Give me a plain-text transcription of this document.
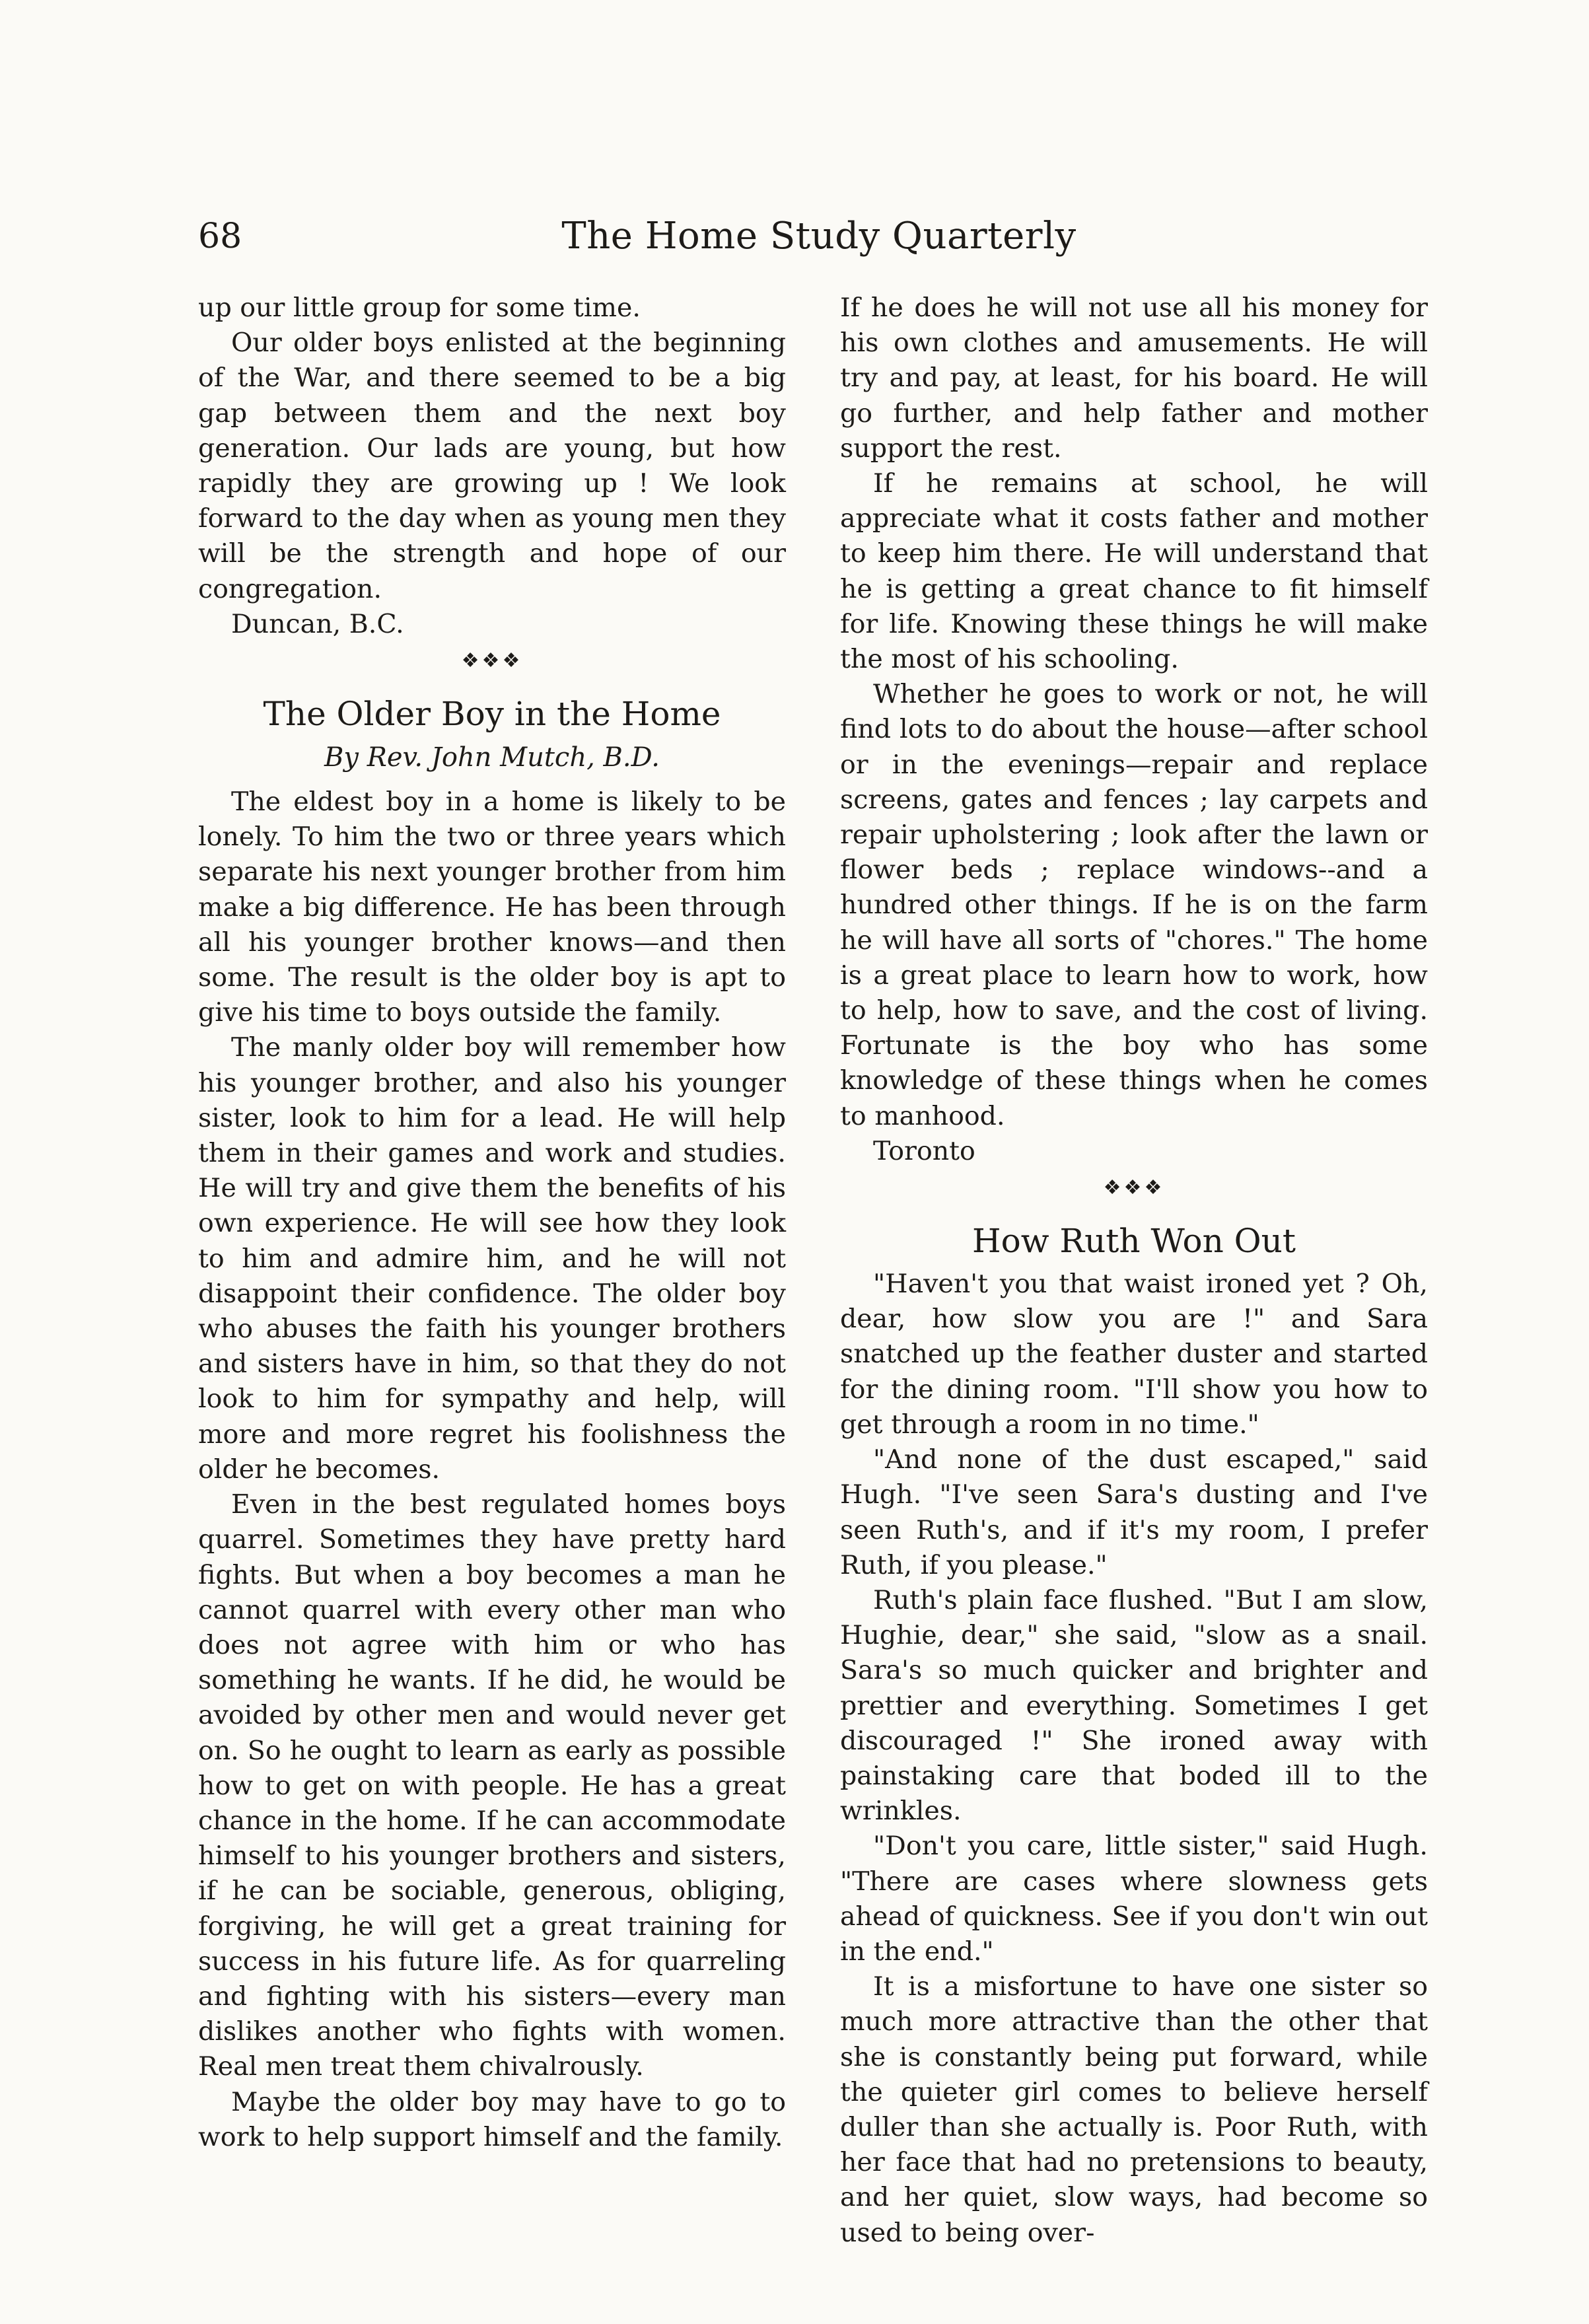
68	The Home Study Quarterly

up our little group for some time.

Our older boys enlisted at the beginning of the War, and there seemed to be a big gap between them and the next boy generation. Our lads are young, but how rapidly they are growing up ! We look forward to the day when as young men they will be the strength and hope of our congregation.

Duncan, B.C.

❖❖❖
The Older Boy in the Home
By Rev. John Mutch, B.D.

The eldest boy in a home is likely to be lonely. To him the two or three years which separate his next younger brother from him make a big difference. He has been through all his younger brother knows—and then some. The result is the older boy is apt to give his time to boys outside the family.

The manly older boy will remember how his younger brother, and also his younger sister, look to him for a lead. He will help them in their games and work and studies. He will try and give them the benefits of his own experience. He will see how they look to him and admire him, and he will not disappoint their confidence. The older boy who abuses the faith his younger brothers and sisters have in him, so that they do not look to him for sympathy and help, will more and more regret his foolishness the older he becomes.

Even in the best regulated homes boys quarrel. Sometimes they have pretty hard fights. But when a boy becomes a man he cannot quarrel with every other man who does not agree with him or who has something he wants. If he did, he would be avoided by other men and would never get on. So he ought to learn as early as possible how to get on with people. He has a great chance in the home. If he can accommodate himself to his younger brothers and sisters, if he can be sociable, generous, obliging, forgiving, he will get a great training for success in his future life. As for quarreling and fighting with his sisters—every man dislikes another who fights with women. Real men treat them chivalrously.

Maybe the older boy may have to go to work to help support himself and the family.

If he does he will not use all his money for his own clothes and amusements. He will try and pay, at least, for his board. He will go further, and help father and mother support the rest.

If he remains at school, he will appreciate what it costs father and mother to keep him there. He will understand that he is getting a great chance to fit himself for life. Knowing these things he will make the most of his schooling.

Whether he goes to work or not, he will find lots to do about the house—after school or in the evenings—repair and replace screens, gates and fences ; lay carpets and repair upholstering ; look after the lawn or flower beds ; replace windows--and a hundred other things. If he is on the farm he will have all sorts of "chores." The home is a great place to learn how to work, how to help, how to save, and the cost of living. Fortunate is the boy who has some knowledge of these things when he comes to manhood.

Toronto

❖❖❖
How Ruth Won Out

"Haven't you that waist ironed yet ? Oh, dear, how slow you are !" and Sara snatched up the feather duster and started for the dining room. "I'll show you how to get through a room in no time."

"And none of the dust escaped," said Hugh. "I've seen Sara's dusting and I've seen Ruth's, and if it's my room, I prefer Ruth, if you please."

Ruth's plain face flushed. "But I am slow, Hughie, dear," she said, "slow as a snail. Sara's so much quicker and brighter and prettier and everything. Sometimes I get discouraged !" She ironed away with painstaking care that boded ill to the wrinkles.

"Don't you care, little sister," said Hugh. "There are cases where slowness gets ahead of quickness. See if you don't win out in the end."

It is a misfortune to have one sister so much more attractive than the other that she is constantly being put forward, while the quieter girl comes to believe herself duller than she actually is. Poor Ruth, with her face that had no pretensions to beauty, and her quiet, slow ways, had become so used to being over-
